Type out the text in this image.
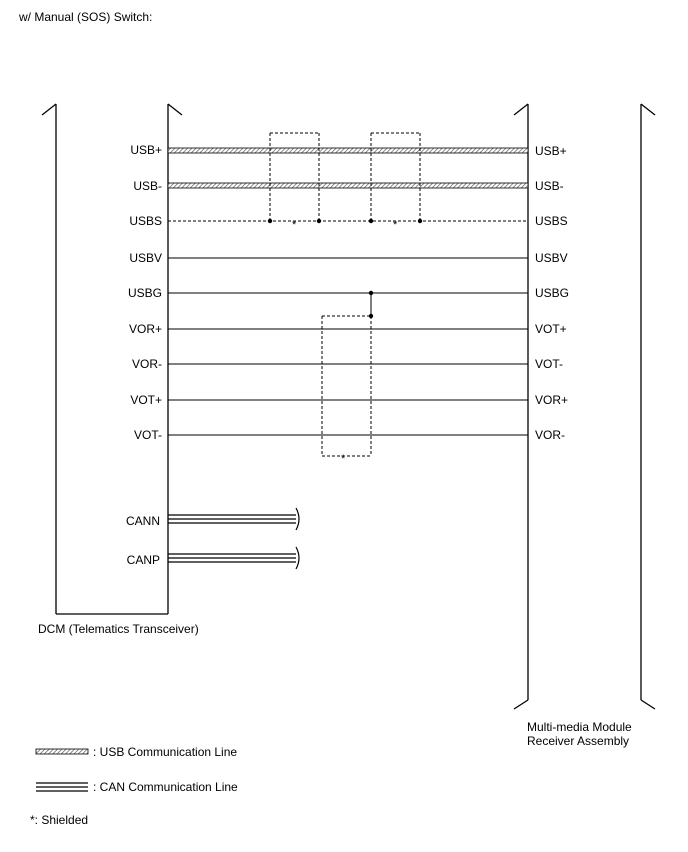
w/ Manual (SOS) Switch:
DCM (Telematics Transceiver)
Multi-media Module
Receiver Assembly
*	*
*
USB+
USB-
USBS
USBV
USBG
VOR+
VOR-
VOT+
VOT-
USB+
USB-
USBS
USBV
USBG
VOT+
VOT-
VOR+
VOR-
CANN
CANP
: USB Communication Line
: CAN Communication Line
*: Shielded
